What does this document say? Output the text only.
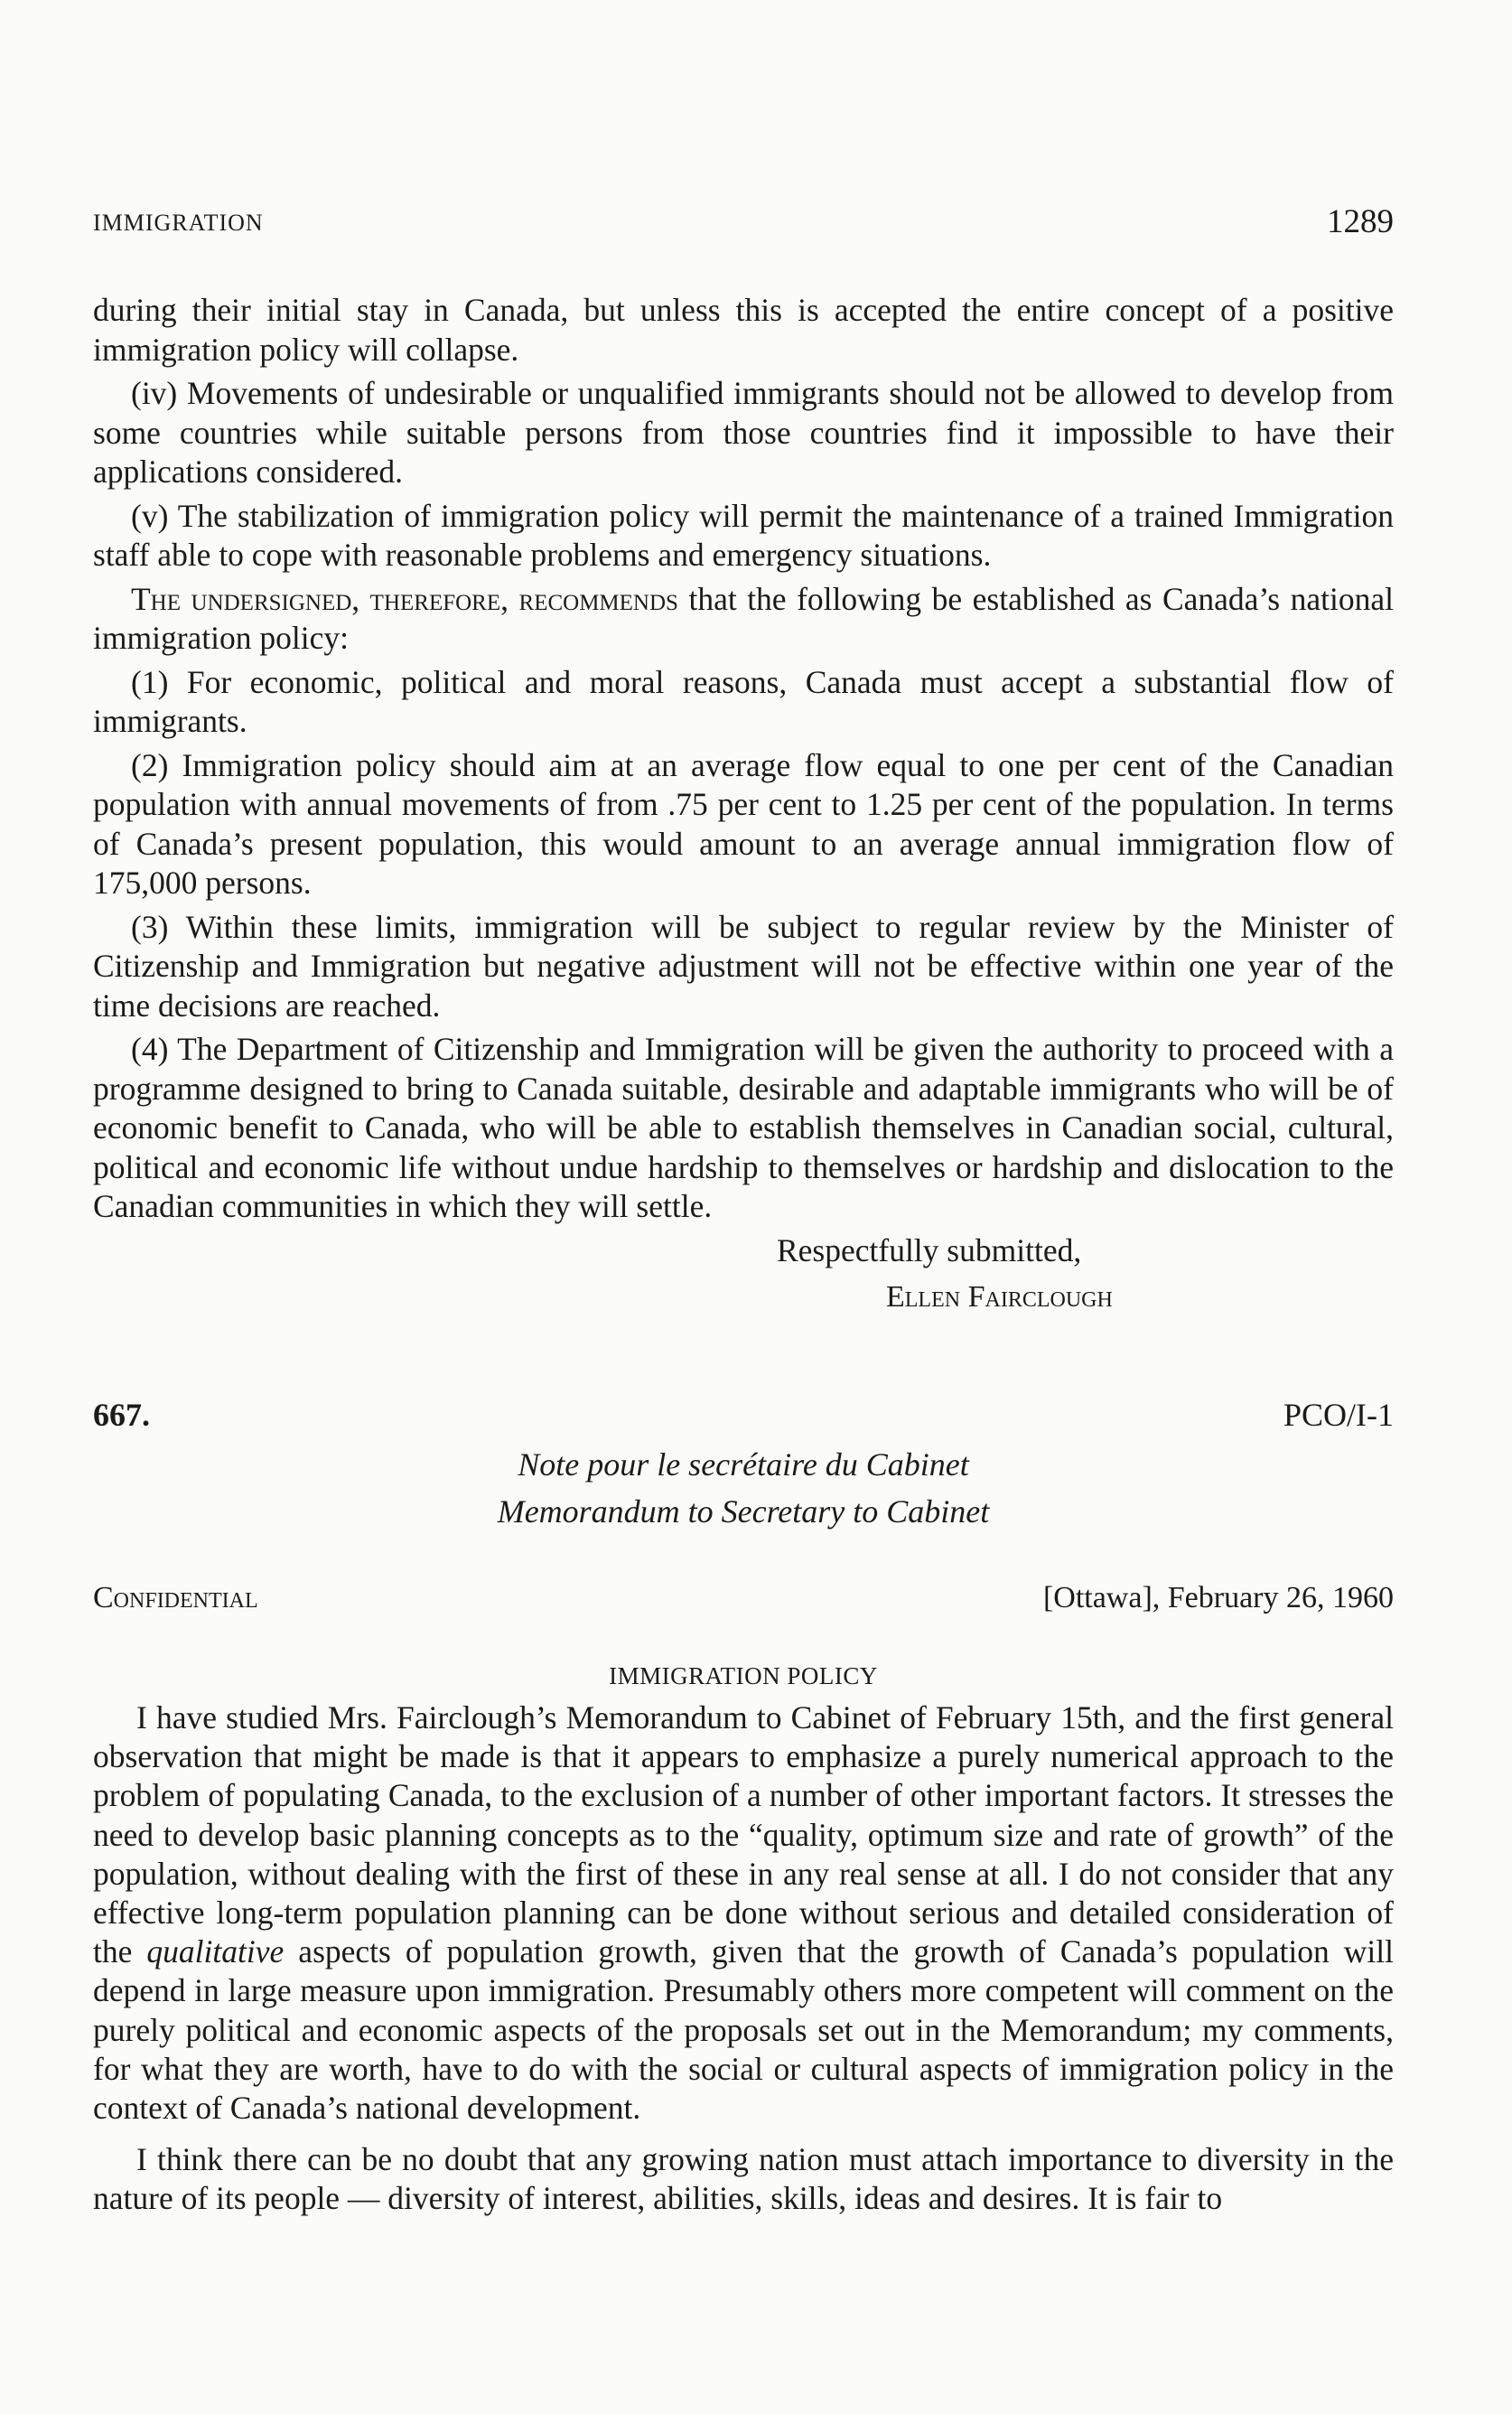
IMMIGRATION	1289

during their initial stay in Canada, but unless this is accepted the entire concept of a positive immigration policy will collapse.

(iv) Movements of undesirable or unqualified immigrants should not be allowed to develop from some countries while suitable persons from those countries find it impossible to have their applications considered.

(v) The stabilization of immigration policy will permit the maintenance of a trained Immigration staff able to cope with reasonable problems and emergency situations.

The undersigned, therefore, recommends that the following be established as Canada’s national immigration policy:

(1) For economic, political and moral reasons, Canada must accept a substantial flow of immigrants.

(2) Immigration policy should aim at an average flow equal to one per cent of the Canadian population with annual movements of from .75 per cent to 1.25 per cent of the population. In terms of Canada’s present population, this would amount to an average annual immigration flow of 175,000 persons.

(3) Within these limits, immigration will be subject to regular review by the Minister of Citizenship and Immigration but negative adjustment will not be effective within one year of the time decisions are reached.

(4) The Department of Citizenship and Immigration will be given the authority to proceed with a programme designed to bring to Canada suitable, desirable and adaptable immigrants who will be of economic benefit to Canada, who will be able to establish themselves in Canadian social, cultural, political and economic life without undue hardship to themselves or hardship and dislocation to the Canadian communities in which they will settle.

Respectfully submitted,

Ellen Fairclough

667.	PCO/I-1
Note pour le secrétaire du Cabinet
Memorandum to Secretary to Cabinet
Confidential	[Ottawa], February 26, 1960
IMMIGRATION POLICY

I have studied Mrs. Fairclough’s Memorandum to Cabinet of February 15th, and the first general observation that might be made is that it appears to emphasize a purely numerical approach to the problem of populating Canada, to the exclusion of a number of other important factors. It stresses the need to develop basic planning concepts as to the “quality, optimum size and rate of growth” of the population, without dealing with the first of these in any real sense at all. I do not consider that any effective long-term population planning can be done without serious and detailed consideration of the qualitative aspects of population growth, given that the growth of Canada’s population will depend in large measure upon immigration. Presumably others more competent will comment on the purely political and economic aspects of the proposals set out in the Memorandum; my comments, for what they are worth, have to do with the social or cultural aspects of immigration policy in the context of Canada’s national development.

I think there can be no doubt that any growing nation must attach importance to diversity in the nature of its people — diversity of interest, abilities, skills, ideas and desires. It is fair to
